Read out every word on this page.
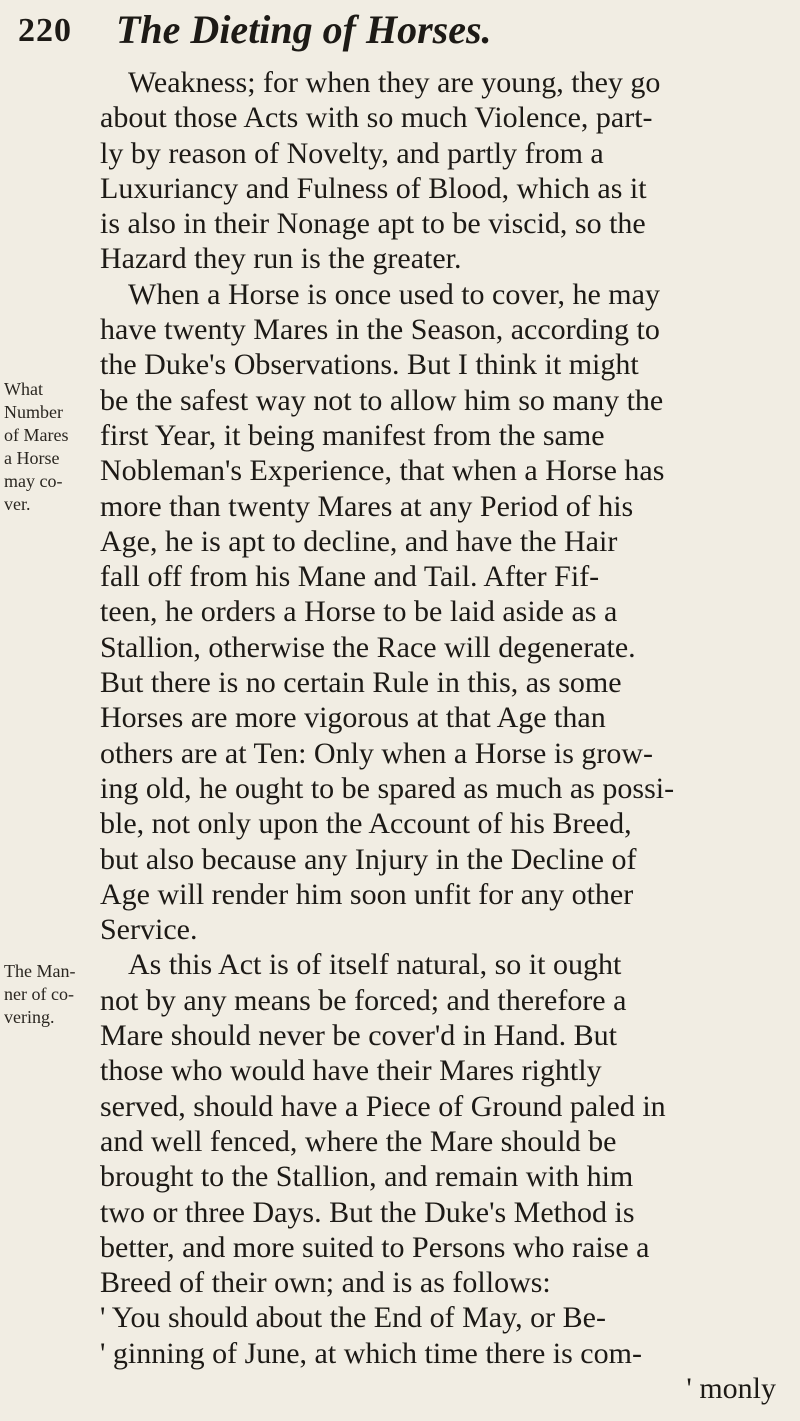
220 The Dieting of Horses.
What
Number
of Mares
a Horse
may co-
ver.
The Man-
ner of co-
vering.
Weakness; for when they are young, they go
about those Acts with so much Violence, part-
ly by reason of Novelty, and partly from a
Luxuriancy and Fulness of Blood, which as it
is also in their Nonage apt to be viscid, so the
Hazard they run is the greater.
When a Horse is once used to cover, he may
have twenty Mares in the Season, according to
the Duke's Observations. But I think it might
be the safest way not to allow him so many the
first Year, it being manifest from the same
Nobleman's Experience, that when a Horse has
more than twenty Mares at any Period of his
Age, he is apt to decline, and have the Hair
fall off from his Mane and Tail. After Fif-
teen, he orders a Horse to be laid aside as a
Stallion, otherwise the Race will degenerate.
But there is no certain Rule in this, as some
Horses are more vigorous at that Age than
others are at Ten: Only when a Horse is grow-
ing old, he ought to be spared as much as possi-
ble, not only upon the Account of his Breed,
but also because any Injury in the Decline of
Age will render him soon unfit for any other
Service.
As this Act is of itself natural, so it ought
not by any means be forced; and therefore a
Mare should never be cover'd in Hand. But
those who would have their Mares rightly
served, should have a Piece of Ground paled in
and well fenced, where the Mare should be
brought to the Stallion, and remain with him
two or three Days. But the Duke's Method is
better, and more suited to Persons who raise a
Breed of their own; and is as follows:
' You should about the End of May, or Be-
' ginning of June, at which time there is com-
' monly
